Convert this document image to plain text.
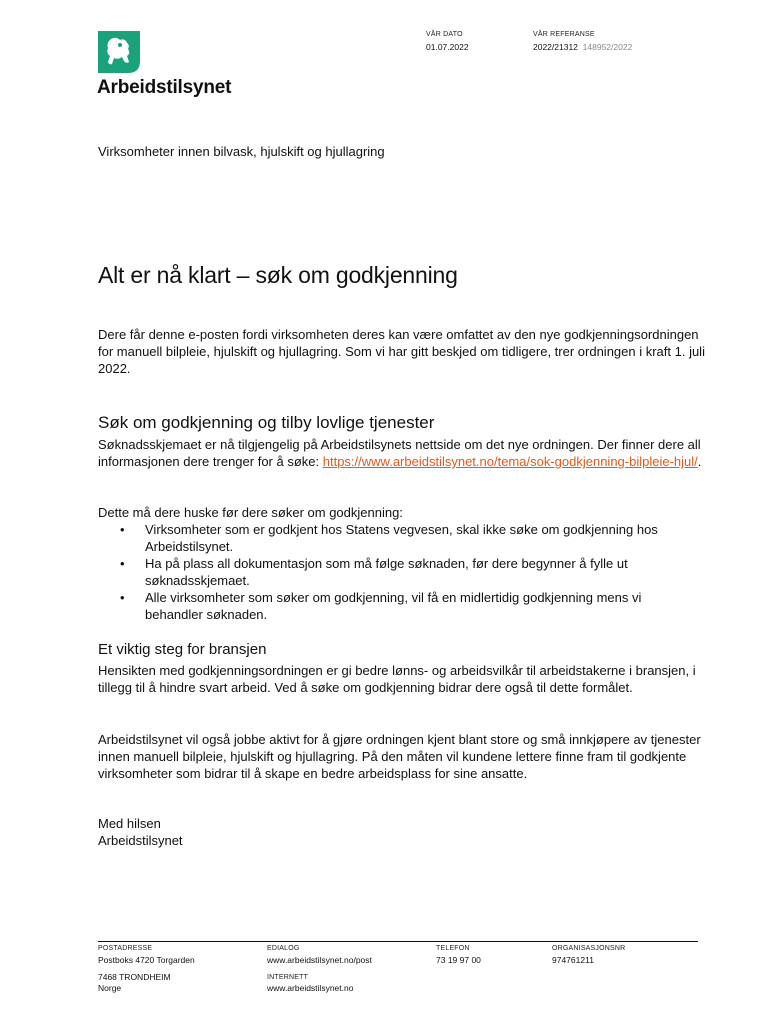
Arbeidstilsynet
VÅR DATO
01.07.2022
VÅR REFERANSE
2022/21312 148952/2022
Virksomheter innen bilvask, hjulskift og hjullagring
Alt er nå klart – søk om godkjenning
Dere får denne e-posten fordi virksomheten deres kan være omfattet av den nye godkjenningsordningen for manuell bilpleie, hjulskift og hjullagring. Som vi har gitt beskjed om tidligere, trer ordningen i kraft 1. juli 2022.
Søk om godkjenning og tilby lovlige tjenester
Søknadsskjemaet er nå tilgjengelig på Arbeidstilsynets nettside om det nye ordningen. Der finner dere all informasjonen dere trenger for å søke: https://www.arbeidstilsynet.no/tema/sok-godkjenning-bilpleie-hjul/.
Dette må dere huske før dere søker om godkjenning:
• Virksomheter som er godkjent hos Statens vegvesen, skal ikke søke om godkjenning hos Arbeidstilsynet.
• Ha på plass all dokumentasjon som må følge søknaden, før dere begynner å fylle ut søknadsskjemaet.
• Alle virksomheter som søker om godkjenning, vil få en midlertidig godkjenning mens vi behandler søknaden.
Et viktig steg for bransjen
Hensikten med godkjenningsordningen er gi bedre lønns- og arbeidsvilkår til arbeidstakerne i bransjen, i tillegg til å hindre svart arbeid. Ved å søke om godkjenning bidrar dere også til dette formålet.
Arbeidstilsynet vil også jobbe aktivt for å gjøre ordningen kjent blant store og små innkjøpere av tjenester innen manuell bilpleie, hjulskift og hjullagring. På den måten vil kundene lettere finne fram til godkjente virksomheter som bidrar til å skape en bedre arbeidsplass for sine ansatte.
Med hilsen
Arbeidstilsynet
POSTADRESSE
Postboks 4720 Torgarden
7468 TRONDHEIM
Norge
EDIALOG
www.arbeidstilsynet.no/post
INTERNETT
www.arbeidstilsynet.no
TELEFON
73 19 97 00
ORGANISASJONSNR
974761211
